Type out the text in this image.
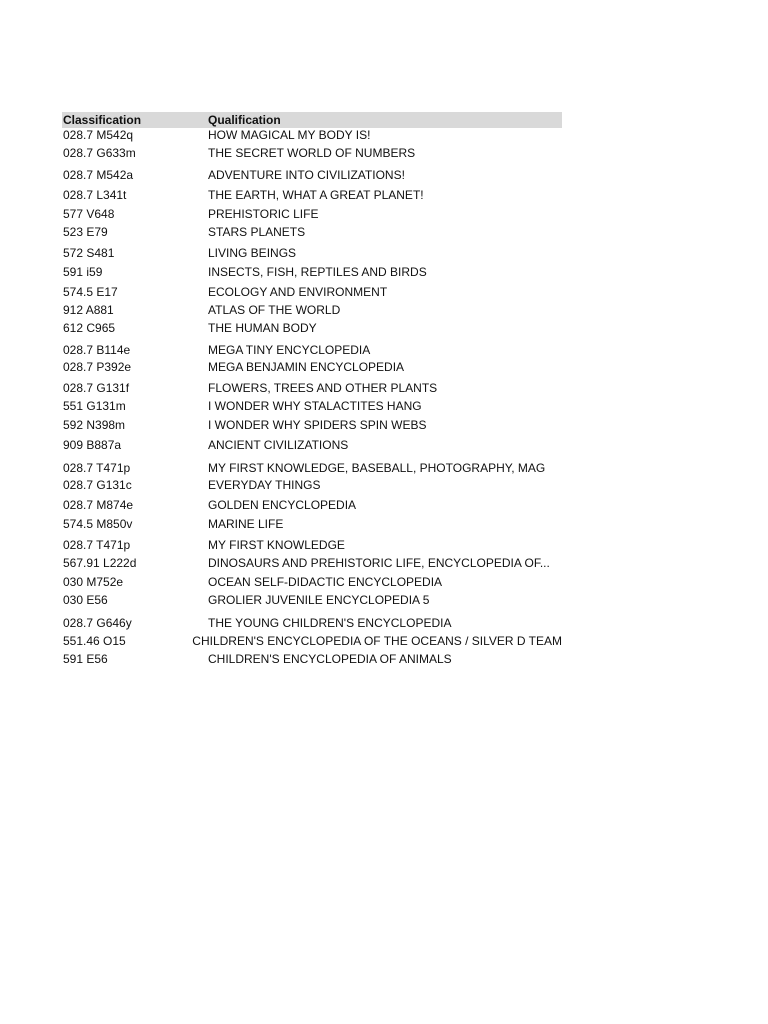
Classification	Qualification
028.7 M542q	HOW MAGICAL MY BODY IS!
028.7 G633m	THE SECRET WORLD OF NUMBERS
028.7 M542a	ADVENTURE INTO CIVILIZATIONS!
028.7 L341t	THE EARTH, WHAT A GREAT PLANET!
577 V648	PREHISTORIC LIFE
523 E79	STARS PLANETS
572 S481	LIVING BEINGS
591 i59	INSECTS, FISH, REPTILES AND BIRDS
574.5 E17	ECOLOGY AND ENVIRONMENT
912 A881	ATLAS OF THE WORLD
612 C965	THE HUMAN BODY
028.7 B114e	MEGA TINY ENCYCLOPEDIA
028.7 P392e	MEGA BENJAMIN ENCYCLOPEDIA
028.7 G131f	FLOWERS, TREES AND OTHER PLANTS
551 G131m	I WONDER WHY STALACTITES HANG
592 N398m	I WONDER WHY SPIDERS SPIN WEBS
909 B887a	ANCIENT CIVILIZATIONS
028.7 T471p	MY FIRST KNOWLEDGE, BASEBALL, PHOTOGRAPHY, MAG
028.7 G131c	EVERYDAY THINGS
028.7 M874e	GOLDEN ENCYCLOPEDIA
574.5 M850v	MARINE LIFE
028.7 T471p	MY FIRST KNOWLEDGE
567.91 L222d	DINOSAURS AND PREHISTORIC LIFE, ENCYCLOPEDIA OF...
030 M752e	OCEAN SELF-DIDACTIC ENCYCLOPEDIA
030 E56	GROLIER JUVENILE ENCYCLOPEDIA 5
028.7 G646y	THE YOUNG CHILDREN'S ENCYCLOPEDIA
551.46 O15	CHILDREN'S ENCYCLOPEDIA OF THE OCEANS / SILVER D TEAM
591 E56	CHILDREN'S ENCYCLOPEDIA OF ANIMALS
